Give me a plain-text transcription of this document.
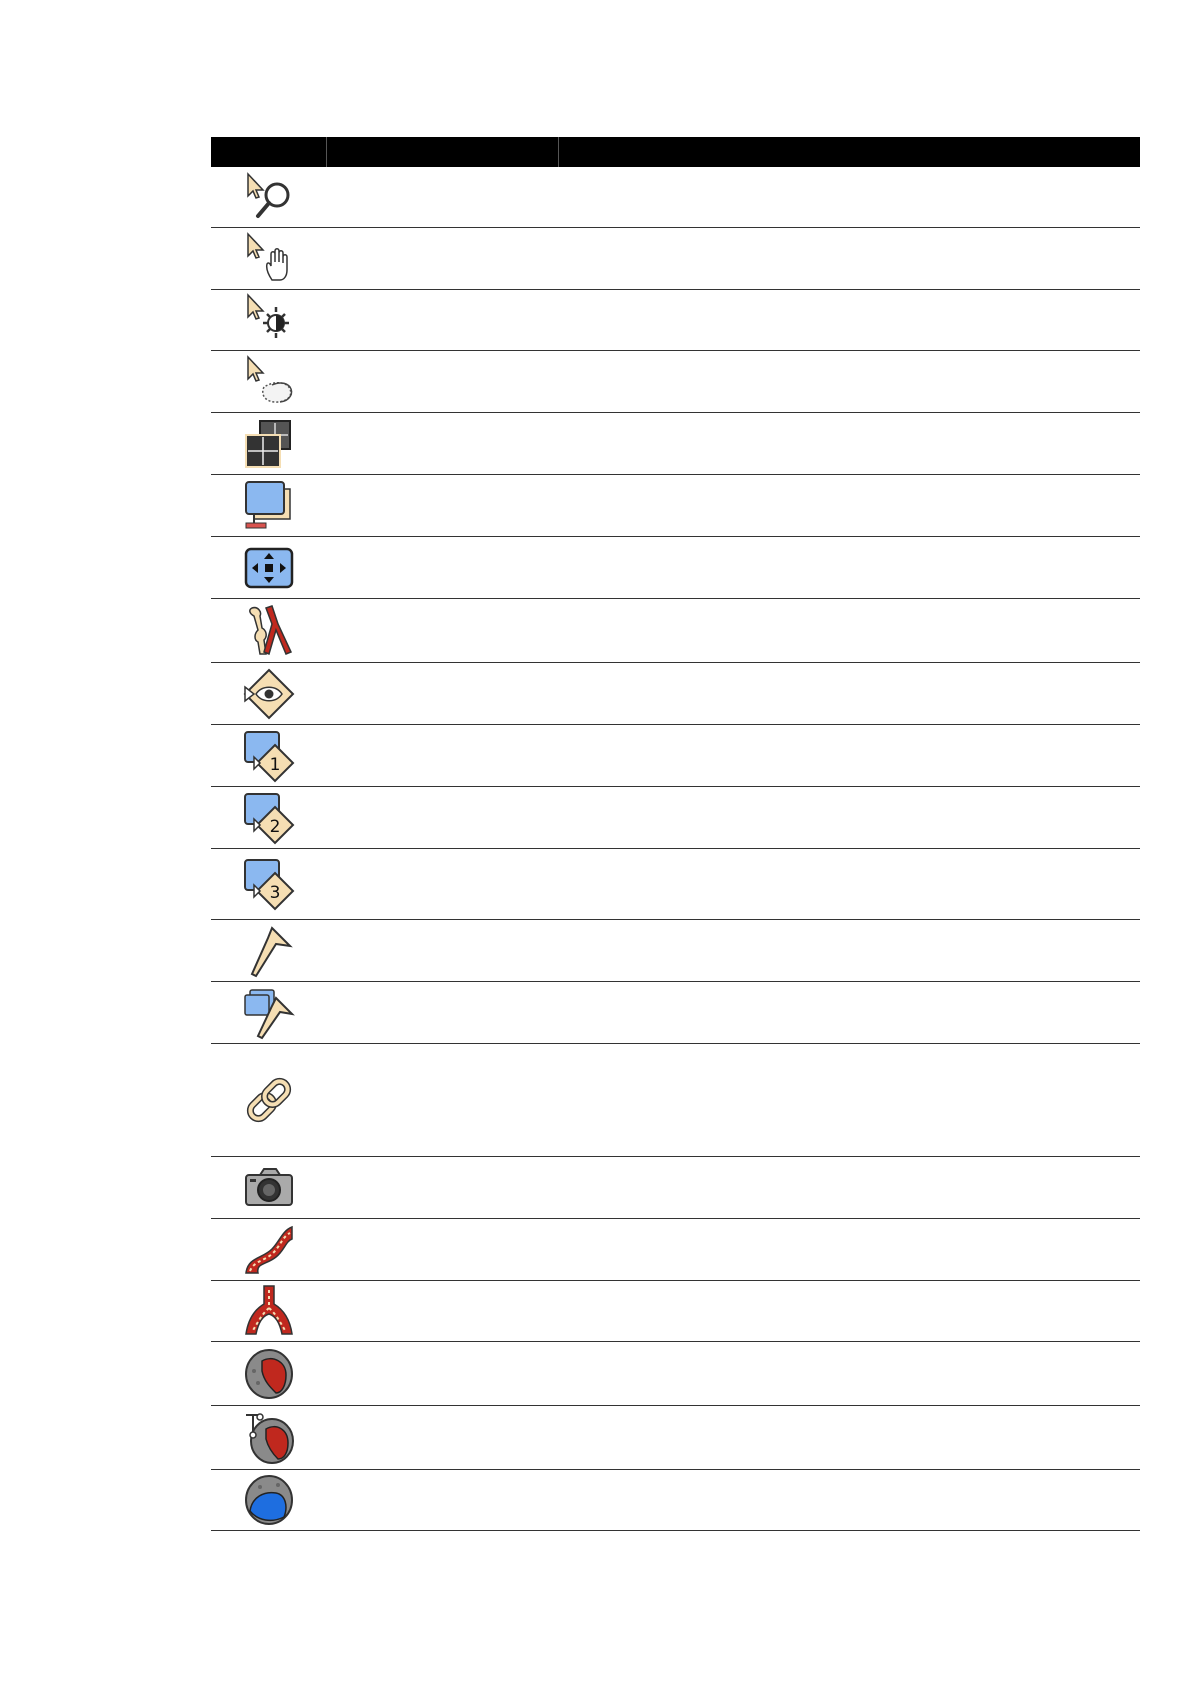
1
2
3
